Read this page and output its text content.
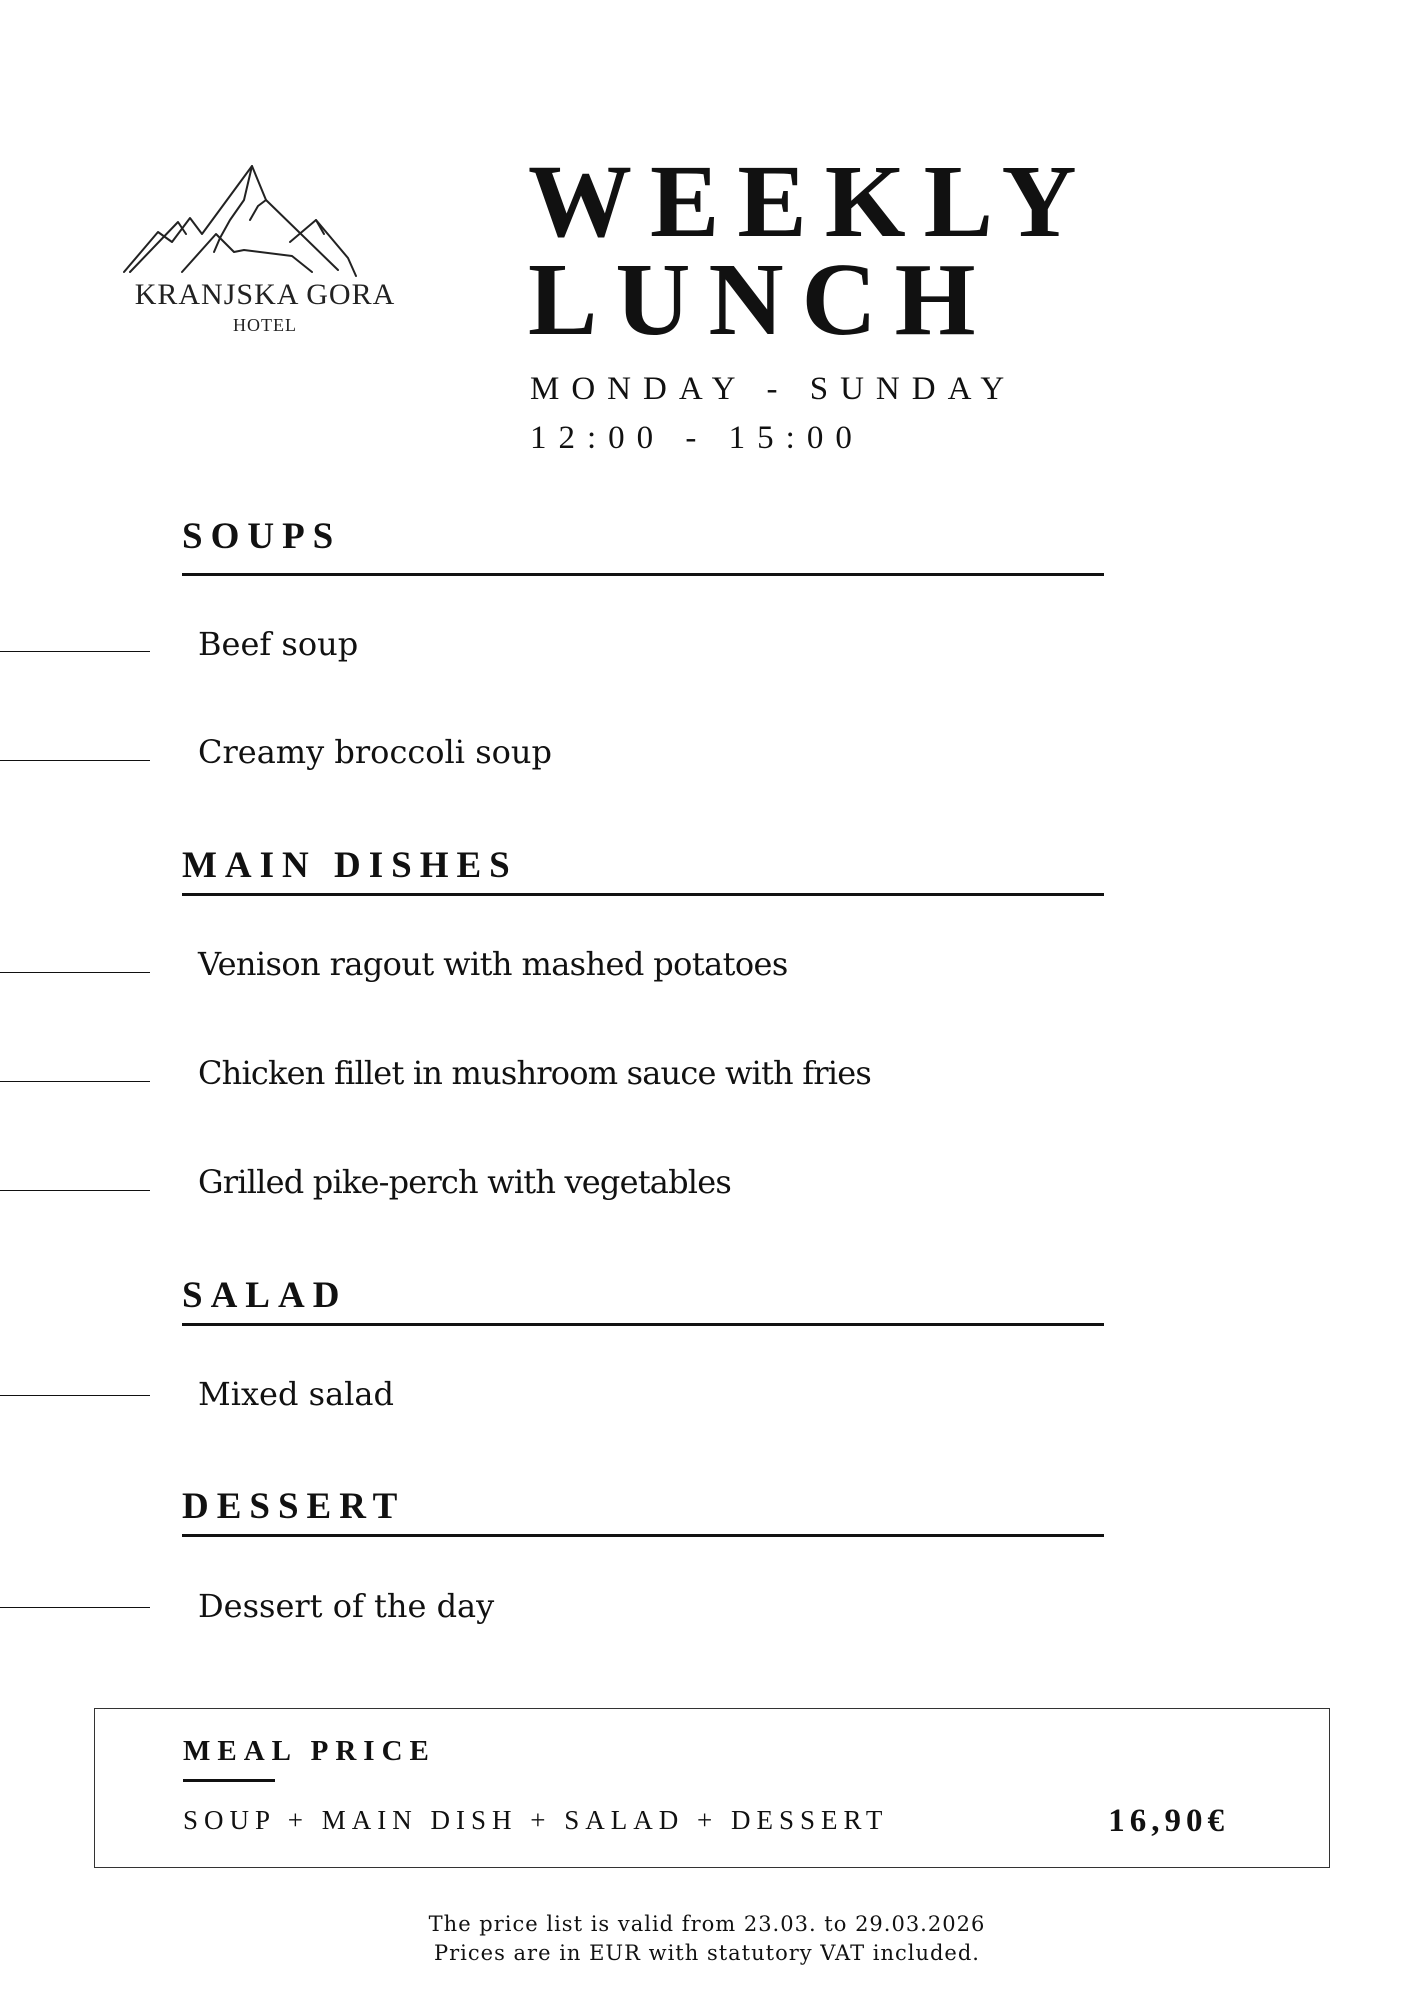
KRANJSKA GORA
HOTEL
WEEKLY
LUNCH
MONDAY - SUNDAY
12:00 - 15:00
SOUPS
Beef soup
Creamy broccoli soup
MAIN DISHES
Venison ragout with mashed potatoes
Chicken fillet in mushroom sauce with fries
Grilled pike-perch with vegetables
SALAD
Mixed salad
DESSERT
Dessert of the day
MEAL PRICE
SOUP + MAIN DISH + SALAD + DESSERT	16,90€
The price list is valid from 23.03. to 29.03.2026
Prices are in EUR with statutory VAT included.
